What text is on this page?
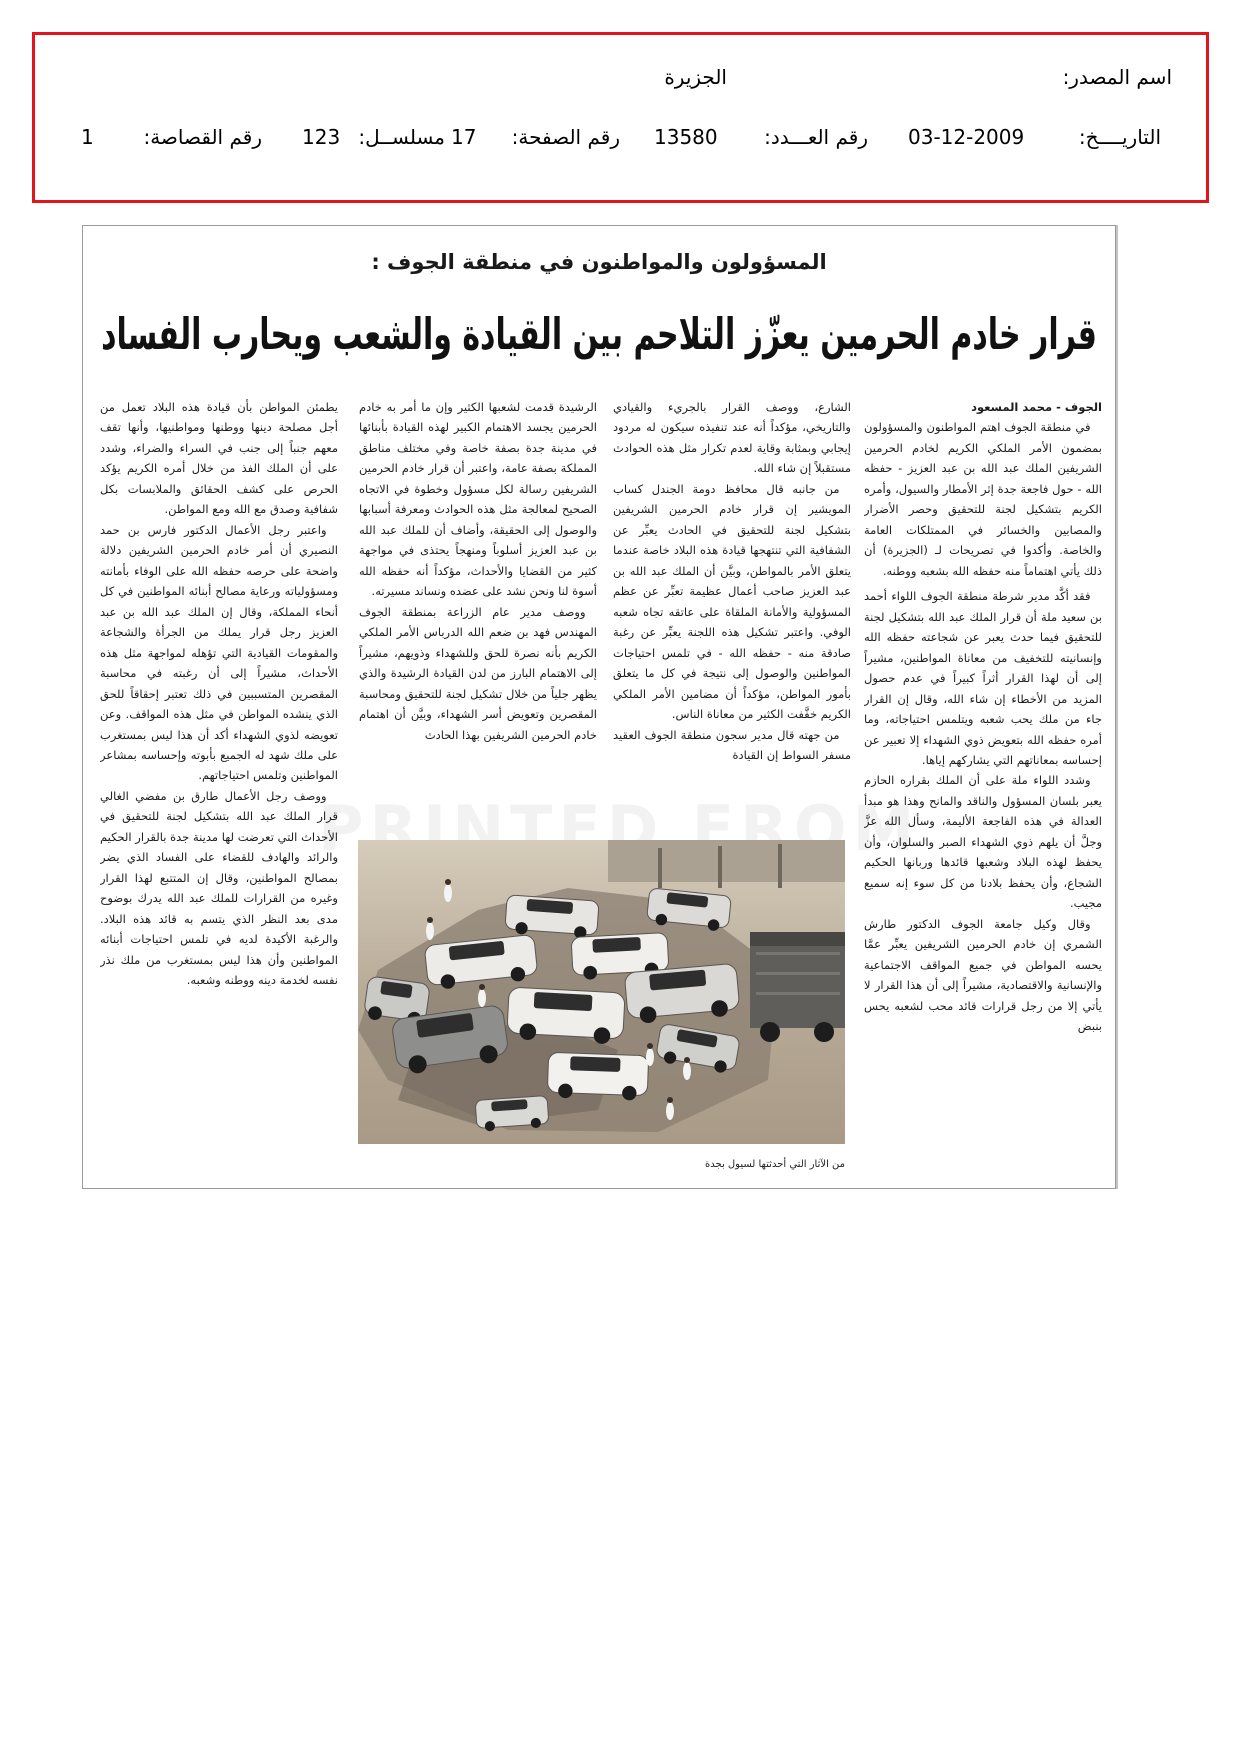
اسم المصدر:
الجزيرة
التاريــــخ:
03-12-2009
رقم العـــدد:
13580
رقم الصفحة:
17
مسلســل:
123
رقم القصاصة:
1
PRINTED FROM
المسؤولون والمواطنون في منطقة الجوف :
قرار خادم الحرمين يعزّز التلاحم بين القيادة والشعب ويحارب الفساد
الجوف - محمد المسعود

في منطقة الجوف اهتم المواطنون والمسؤولون بمضمون الأمر الملكي الكريم لخادم الحرمين الشريفين الملك عبد الله بن عبد العزيز - حفظه الله - حول فاجعة جدة إثر الأمطار والسيول، وأمره الكريم بتشكيل لجنة للتحقيق وحصر الأضرار والمصابين والخسائر في الممتلكات العامة والخاصة. وأكدوا في تصريحات لـ (الجزيرة) أن ذلك يأتي اهتماماً منه حفظه الله بشعبه ووطنه.

فقد أكَّد مدير شرطة منطقة الجوف اللواء أحمد بن سعيد ملة أن قرار الملك عبد الله بتشكيل لجنة للتحقيق فيما حدث يعبر عن شجاعته حفظه الله وإنسانيته للتخفيف من معاناة المواطنين، مشيراً إلى أن لهذا القرار أثراً كبيراً في عدم حصول المزيد من الأخطاء إن شاء الله، وقال إن القرار جاء من ملك يحب شعبه ويتلمس احتياجاته، وما أمره حفظه الله بتعويض ذوي الشهداء إلا تعبير عن إحساسه بمعاناتهم التي يشاركهم إياها.

وشدد اللواء ملة على أن الملك بقراره الحازم يعبر بلسان المسؤول والناقد والمانح وهذا هو مبدأ العدالة في هذه الفاجعة الأليمة، وسأل الله عزَّ وجلَّ أن يلهم ذوي الشهداء الصبر والسلوان، وأن يحفظ لهذه البلاد وشعبها قائدها وربانها الحكيم الشجاع، وأن يحفظ بلادنا من كل سوء إنه سميع مجيب.

وقال وكيل جامعة الجوف الدكتور طارش الشمري إن خادم الحرمين الشريفين يعبِّر عمَّا يحسه المواطن في جميع المواقف الاجتماعية والإنسانية والاقتصادية، مشيراً إلى أن هذا القرار لا يأتي إلا من رجل قرارات قائد محب لشعبه يحس بنبض

الشارع، ووصف القرار بالجريء والقيادي والتاريخي، مؤكداً أنه عند تنفيذه سيكون له مردود إيجابي وبمثابة وقاية لعدم تكرار مثل هذه الحوادث مستقبلاً إن شاء الله.

من جانبه قال محافظ دومة الجندل كساب المويشير إن قرار خادم الحرمين الشريفين بتشكيل لجنة للتحقيق في الحادث يعبِّر عن الشفافية التي تنتهجها قيادة هذه البلاد خاصة عندما يتعلق الأمر بالمواطن، وبيَّن أن الملك عبد الله بن عبد العزيز صاحب أعمال عظيمة تعبِّر عن عظم المسؤولية والأمانة الملقاة على عاتقه تجاه شعبه الوفي. واعتبر تشكيل هذه اللجنة يعبِّر عن رغبة صادقة منه - حفظه الله - في تلمس احتياجات المواطنين والوصول إلى نتيجة في كل ما يتعلق بأمور المواطن، مؤكداً أن مضامين الأمر الملكي الكريم خفَّفت الكثير من معاناة الناس.

من جهته قال مدير سجون منطقة الجوف العقيد مسفر السواط إن القيادة

الرشيدة قدمت لشعبها الكثير وإن ما أمر به خادم الحرمين يجسد الاهتمام الكبير لهذه القيادة بأبنائها في مدينة جدة بصفة خاصة وفي مختلف مناطق المملكة بصفة عامة، واعتبر أن قرار خادم الحرمين الشريفين رسالة لكل مسؤول وخطوة في الاتجاه الصحيح لمعالجة مثل هذه الحوادث ومعرفة أسبابها والوصول إلى الحقيقة، وأضاف أن للملك عبد الله بن عبد العزيز أسلوباً ومنهجاً يحتذى في مواجهة كثير من القضايا والأحداث، مؤكداً أنه حفظه الله أسوة لنا ونحن نشد على عضده ونساند مسيرته.

ووصف مدير عام الزراعة بمنطقة الجوف المهندس فهد بن ضعم الله الدرباس الأمر الملكي الكريم بأنه نصرة للحق وللشهداء وذويهم، مشيراً إلى الاهتمام البارز من لدن القيادة الرشيدة والذي يظهر جلياً من خلال تشكيل لجنة للتحقيق ومحاسبة المقصرين وتعويض أسر الشهداء، وبيَّن أن اهتمام خادم الحرمين الشريفين بهذا الحادث

يطمئن المواطن بأن قيادة هذه البلاد تعمل من أجل مصلحة دينها ووطنها ومواطنيها، وأنها تقف معهم جنباً إلى جنب في السراء والضراء، وشدد على أن الملك الفذ من خلال أمره الكريم يؤكد الحرص على كشف الحقائق والملابسات بكل شفافية وصدق مع الله ومع المواطن.

واعتبر رجل الأعمال الدكتور فارس بن حمد النصيري أن أمر خادم الحرمين الشريفين دلالة واضحة على حرصه حفظه الله على الوفاء بأمانته ومسؤولياته ورعاية مصالح أبنائه المواطنين في كل أنحاء المملكة، وقال إن الملك عبد الله بن عبد العزيز رجل قرار يملك من الجرأة والشجاعة والمقومات القيادية التي تؤهله لمواجهة مثل هذه الأحداث، مشيراً إلى أن رغبته في محاسبة المقصرين المتسببين في ذلك تعتبر إحقاقاً للحق الذي ينشده المواطن في مثل هذه المواقف. وعن تعويضه لذوي الشهداء أكد أن هذا ليس بمستغرب على ملك شهد له الجميع بأبوته وإحساسه بمشاعر المواطنين وتلمس احتياجاتهم.

ووصف رجل الأعمال طارق بن مفضي الغالي قرار الملك عبد الله بتشكيل لجنة للتحقيق في الأحداث التي تعرضت لها مدينة جدة بالقرار الحكيم والرائد والهادف للقضاء على الفساد الذي يضر بمصالح المواطنين، وقال إن المتتبع لهذا القرار وغيره من القرارات للملك عبد الله يدرك بوضوح مدى بعد النظر الذي يتسم به قائد هذه البلاد. والرغبة الأكيدة لديه في تلمس احتياجات أبنائه المواطنين وأن هذا ليس بمستغرب من ملك نذر نفسه لخدمة دينه ووطنه وشعبه.

من الآثار التي أحدثتها لسيول بجدة
